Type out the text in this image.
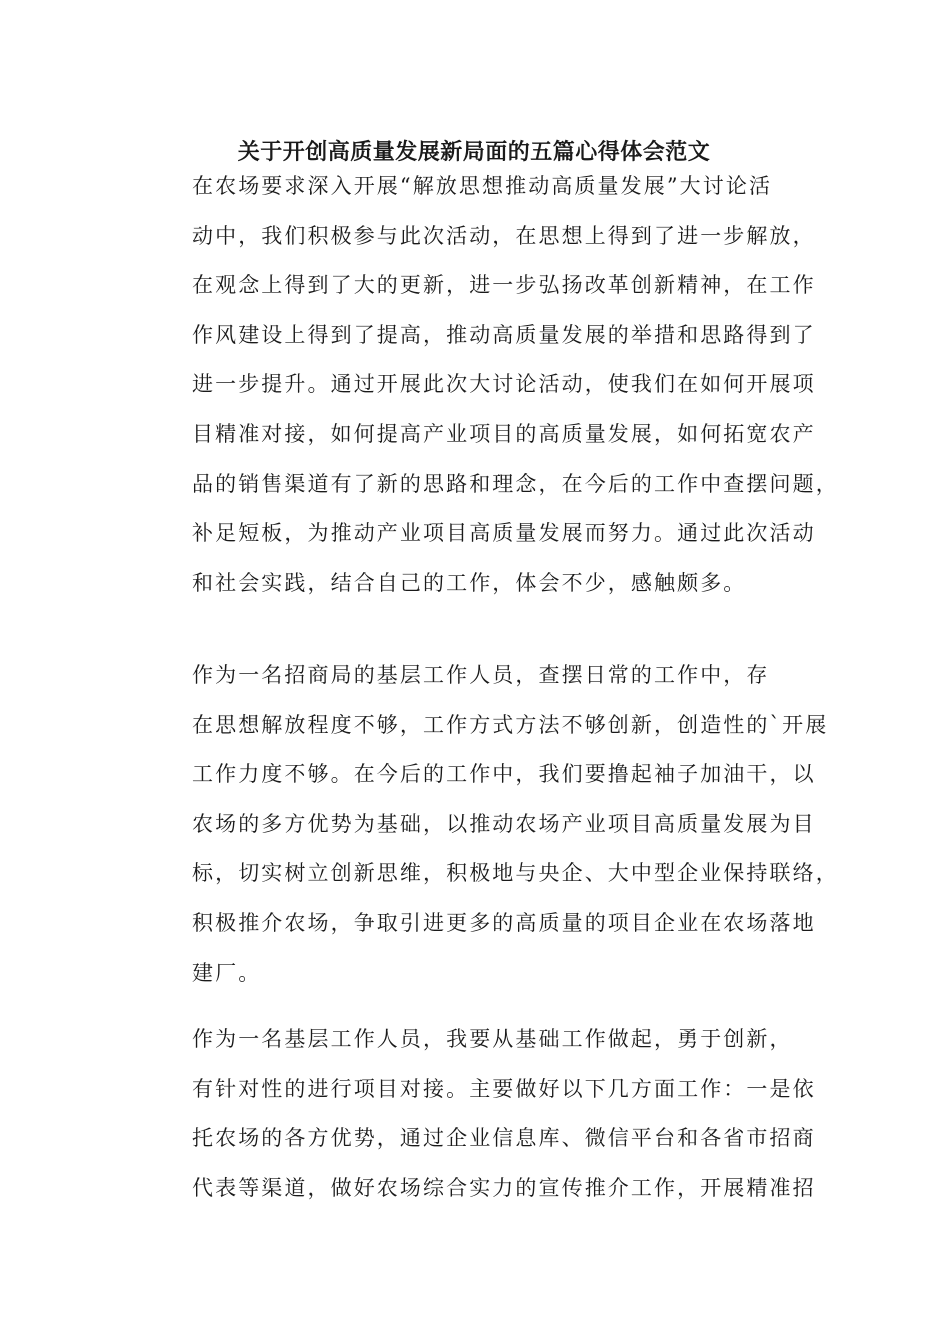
关于开创高质量发展新局面的五篇心得体会范文

在农场要求深入开展“解放思想推动高质量发展”大讨论活
动中，我们积极参与此次活动，在思想上得到了进一步解放，
在观念上得到了大的更新，进一步弘扬改革创新精神，在工作
作风建设上得到了提高，推动高质量发展的举措和思路得到了
进一步提升。通过开展此次大讨论活动，使我们在如何开展项
目精准对接，如何提高产业项目的高质量发展，如何拓宽农产
品的销售渠道有了新的思路和理念，在今后的工作中查摆问题，
补足短板，为推动产业项目高质量发展而努力。通过此次活动
和社会实践，结合自己的工作，体会不少，感触颇多。

作为一名招商局的基层工作人员，查摆日常的工作中，存
在思想解放程度不够，工作方式方法不够创新，创造性的`开展
工作力度不够。在今后的工作中，我们要撸起袖子加油干，以
农场的多方优势为基础，以推动农场产业项目高质量发展为目
标，切实树立创新思维，积极地与央企、大中型企业保持联络，
积极推介农场，争取引进更多的高质量的项目企业在农场落地
建厂。

作为一名基层工作人员，我要从基础工作做起，勇于创新，
有针对性的进行项目对接。主要做好以下几方面工作：一是依
托农场的各方优势，通过企业信息库、微信平台和各省市招商
代表等渠道，做好农场综合实力的宣传推介工作，开展精准招
